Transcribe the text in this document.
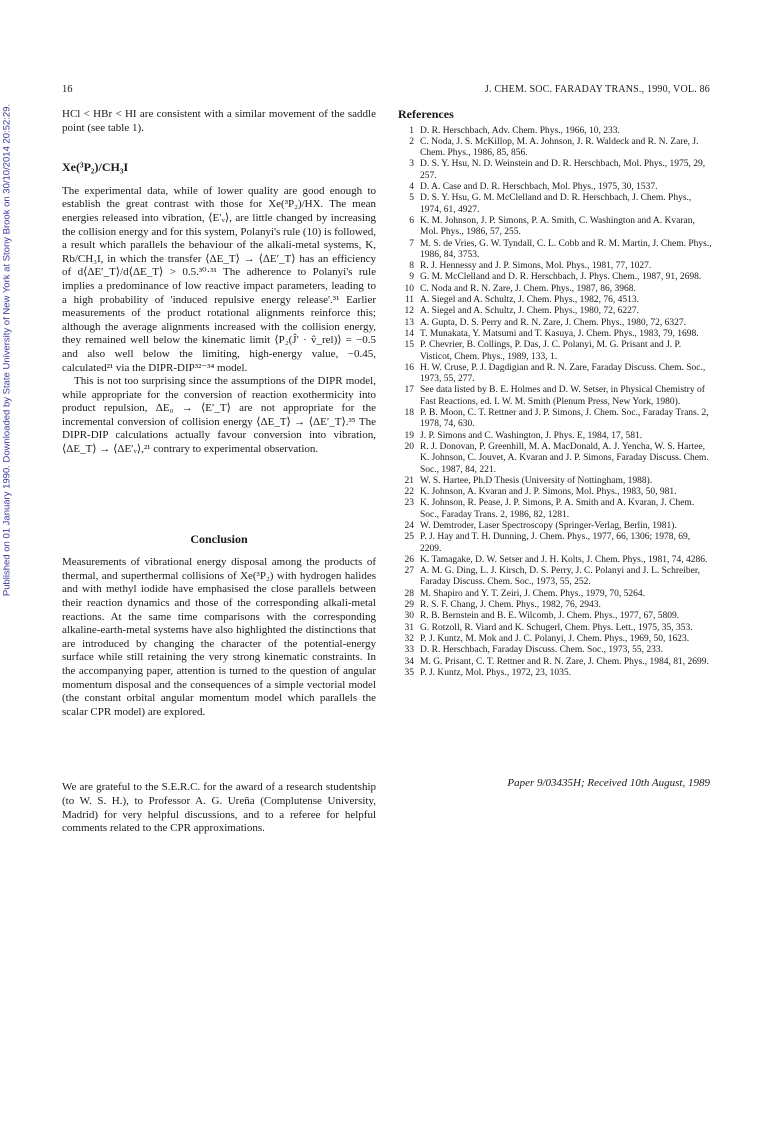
16	J. CHEM. SOC. FARADAY TRANS., 1990, VOL. 86
Published on 01 January 1990. Downloaded by State University of New York at Stony Brook on 30/10/2014 20:52:29.	HCl < HBr < HI are consistent with a similar movement of the saddle point (see table 1).

Xe(³P₂)/CH₃I

The experimental data, while of lower quality are good enough to establish the great contrast with those for Xe(³P₂)/HX. The mean energies released into vibration, ⟨E′ᵥ⟩, are little changed by increasing the collision energy and for this system, Polanyi's rule (10) is followed, a result which parallels the behaviour of the alkali-metal systems, K, Rb/CH₃I, in which the transfer ⟨ΔE_T⟩ → ⟨ΔE′_T⟩ has an efficiency of d⟨ΔE′_T⟩/d⟨ΔE_T⟩ > 0.5.³⁰·³¹ The adherence to Polanyi's rule implies a predominance of low reactive impact parameters, leading to a high probability of 'induced repulsive energy release'.³¹ Earlier measurements of the product rotational alignments reinforce this; although the average alignments increased with the collision energy, they remained well below the kinematic limit ⟨P₂(Ĵ′ · v̂_rel)⟩ = −0.5 and also well below the limiting, high-energy value, −0.45, calculated²¹ via the DIPR-DIP³²⁻³⁴ model.

This is not too surprising since the assumptions of the DIPR model, while appropriate for the conversion of reaction exothermicity into product repulsion, ΔE₀ → ⟨E′_T⟩ are not appropriate for the incremental conversion of collision energy ⟨ΔE_T⟩ → ⟨ΔE′_T⟩.³⁵ The DIPR-DIP calculations actually favour conversion into vibration, ⟨ΔE_T⟩ → ⟨ΔE′ᵥ⟩,²¹ contrary to experimental observation.

Conclusion

Measurements of vibrational energy disposal among the products of thermal, and superthermal collisions of Xe(³P₂) with hydrogen halides and with methyl iodide have emphasised the close parallels between their reaction dynamics and those of the corresponding alkali-metal reactions. At the same time comparisons with the corresponding alkaline-earth-metal systems have also highlighted the distinctions that are introduced by changing the character of the potential-energy surface while still retaining the very strong kinematic constraints. In the accompanying paper, attention is turned to the question of angular momentum disposal and the consequences of a simple vectorial model (the constant orbital angular momentum model which parallels the scalar CPR model) are explored.

We are grateful to the S.E.R.C. for the award of a research studentship (to W. S. H.), to Professor A. G. Ureña (Complutense University, Madrid) for very helpful discussions, and to a referee for helpful comments related to the CPR approximations.

References
1 D. R. Herschbach, Adv. Chem. Phys., 1966, 10, 233.
2 C. Noda, J. S. McKillop, M. A. Johnson, J. R. Waldeck and R. N. Zare, J. Chem. Phys., 1986, 85, 856.
3 D. S. Y. Hsu, N. D. Weinstein and D. R. Herschbach, Mol. Phys., 1975, 29, 257.
4 D. A. Case and D. R. Herschbach, Mol. Phys., 1975, 30, 1537.
5 D. S. Y. Hsu, G. M. McClelland and D. R. Herschbach, J. Chem. Phys., 1974, 61, 4927.
6 K. M. Johnson, J. P. Simons, P. A. Smith, C. Washington and A. Kvaran, Mol. Phys., 1986, 57, 255.
7 M. S. de Vries, G. W. Tyndall, C. L. Cobb and R. M. Martin, J. Chem. Phys., 1986, 84, 3753.
8 R. J. Hennessy and J. P. Simons, Mol. Phys., 1981, 77, 1027.
9 G. M. McClelland and D. R. Herschbach, J. Phys. Chem., 1987, 91, 2698.
10 C. Noda and R. N. Zare, J. Chem. Phys., 1987, 86, 3968.
11 A. Siegel and A. Schultz, J. Chem. Phys., 1982, 76, 4513.
12 A. Siegel and A. Schultz, J. Chem. Phys., 1980, 72, 6227.
13 A. Gupta, D. S. Perry and R. N. Zare, J. Chem. Phys., 1980, 72, 6327.
14 T. Munakata, Y. Matsumi and T. Kasuya, J. Chem. Phys., 1983, 79, 1698.
15 P. Chevrier, B. Collings, P. Das, J. C. Polanyi, M. G. Prisant and J. P. Visticot, Chem. Phys., 1989, 133, 1.
16 H. W. Cruse, P. J. Dagdigian and R. N. Zare, Faraday Discuss. Chem. Soc., 1973, 55, 277.
17 See data listed by B. E. Holmes and D. W. Setser, in Physical Chemistry of Fast Reactions, ed. I. W. M. Smith (Plenum Press, New York, 1980).
18 P. B. Moon, C. T. Rettner and J. P. Simons, J. Chem. Soc., Faraday Trans. 2, 1978, 74, 630.
19 J. P. Simons and C. Washington, J. Phys. E, 1984, 17, 581.
20 R. J. Donovan, P. Greenhill, M. A. MacDonald, A. J. Yencha, W. S. Hartee, K. Johnson, C. Jouvet, A. Kvaran and J. P. Simons, Faraday Discuss. Chem. Soc., 1987, 84, 221.
21 W. S. Hartee, Ph.D Thesis (University of Nottingham, 1988).
22 K. Johnson, A. Kvaran and J. P. Simons, Mol. Phys., 1983, 50, 981.
23 K. Johnson, R. Pease, J. P. Simons, P. A. Smith and A. Kvaran, J. Chem. Soc., Faraday Trans. 2, 1986, 82, 1281.
24 W. Demtroder, Laser Spectroscopy (Springer-Verlag, Berlin, 1981).
25 P. J. Hay and T. H. Dunning, J. Chem. Phys., 1977, 66, 1306; 1978, 69, 2209.
26 K. Tamagake, D. W. Setser and J. H. Kolts, J. Chem. Phys., 1981, 74, 4286.
27 A. M. G. Ding, L. J. Kirsch, D. S. Perry, J. C. Polanyi and J. L. Schreiber, Faraday Discuss. Chem. Soc., 1973, 55, 252.
28 M. Shapiro and Y. T. Zeiri, J. Chem. Phys., 1979, 70, 5264.
29 R. S. F. Chang, J. Chem. Phys., 1982, 76, 2943.
30 R. B. Bernstein and B. E. Wilcomb, J. Chem. Phys., 1977, 67, 5809.
31 G. Rotzoll, R. Viard and K. Schugerl, Chem. Phys. Lett., 1975, 35, 353.
32 P. J. Kuntz, M. Mok and J. C. Polanyi, J. Chem. Phys., 1969, 50, 1623.
33 D. R. Herschbach, Faraday Discuss. Chem. Soc., 1973, 55, 233.
34 M. G. Prisant, C. T. Rettner and R. N. Zare, J. Chem. Phys., 1984, 81, 2699.
35 P. J. Kuntz, Mol. Phys., 1972, 23, 1035.
Paper 9/03435H; Received 10th August, 1989
